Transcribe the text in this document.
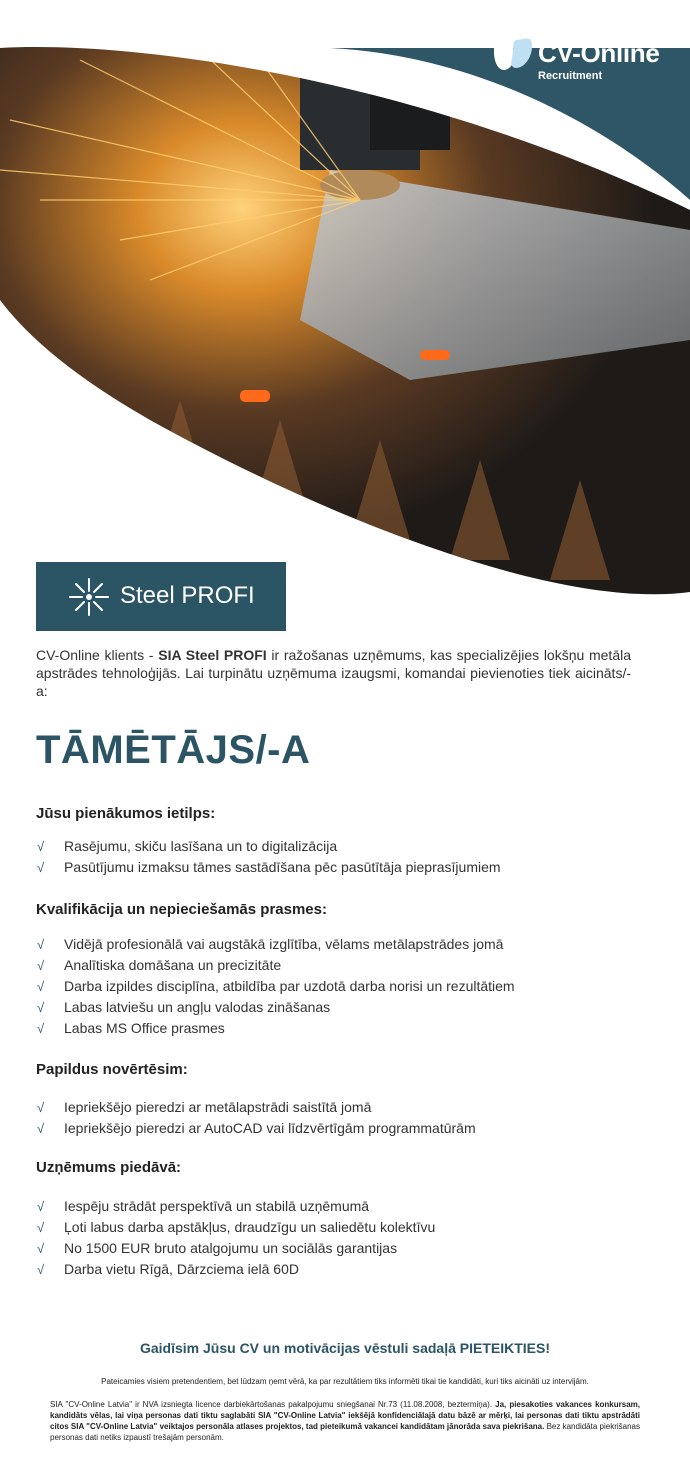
CV-Online
Recruitment
Steel PROFI
CV-Online klients - SIA Steel PROFI ir ražošanas uzņēmums, kas specializējies lokšņu metāla apstrādes tehnoloģijās. Lai turpinātu uzņēmuma izaugsmi, komandai pievienoties tiek aicināts/-a:
TĀMĒTĀJS/-A
Jūsu pienākumos ietilps:
√ Rasējumu, skiču lasīšana un to digitalizācija
√ Pasūtījumu izmaksu tāmes sastādīšana pēc pasūtītāja pieprasījumiem
Kvalifikācija un nepieciešamās prasmes:
√ Vidējā profesionālā vai augstākā izglītība, vēlams metālapstrādes jomā
√ Analītiska domāšana un precizitāte
√ Darba izpildes disciplīna, atbildība par uzdotā darba norisi un rezultātiem
√ Labas latviešu un angļu valodas zināšanas
√ Labas MS Office prasmes
Papildus novērtēsim:
√ Iepriekšējo pieredzi ar metālapstrādi saistītā jomā
√ Iepriekšējo pieredzi ar AutoCAD vai līdzvērtīgām programmatūrām
Uzņēmums piedāvā:
√ Iespēju strādāt perspektīvā un stabilā uzņēmumā
√ Ļoti labus darba apstākļus, draudzīgu un saliedētu kolektīvu
√ No 1500 EUR bruto atalgojumu un sociālās garantijas
√ Darba vietu Rīgā, Dārzciema ielā 60D
Gaidīsim Jūsu CV un motivācijas vēstuli sadaļā PIETEIKTIES!
Pateicamies visiem pretendentiem, bet lūdzam ņemt vērā, ka par rezultātiem tiks informēti tikai tie kandidāti, kuri tiks aicināti uz intervijām.
SIA "CV-Online Latvia" ir NVA izsniegta licence darbiekārtošanas pakalpojumu sniegšanai Nr.73 (11.08.2008, beztermiņa). Ja, piesakoties vakances konkursam, kandidāts vēlas, lai viņa personas dati tiktu saglabāti SIA "CV-Online Latvia" iekšējā konfidenciālajā datu bāzē ar mērķi, lai personas dati tiktu apstrādāti citos SIA "CV-Online Latvia" veiktajos personāla atlases projektos, tad pieteikumā vakancei kandidātam jānorāda sava piekrišana. Bez kandidāta piekrišanas personas dati netiks izpaustī trešajām personām.
